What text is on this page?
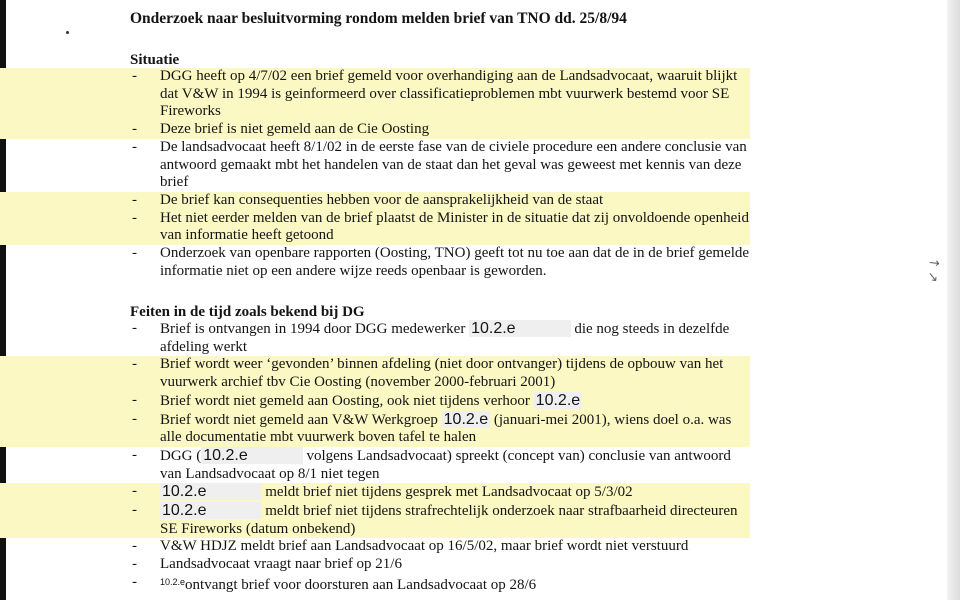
→
↘
Onderzoek naar besluitvorming rondom melden brief van TNO dd. 25/8/94
Situatie
- DGG heeft op 4/7/02 een brief gemeld voor overhandiging aan de Landsadvocaat, waaruit blijkt dat V&W in 1994 is geinformeerd over classificatieproblemen mbt vuurwerk bestemd voor SE Fireworks
- Deze brief is niet gemeld aan de Cie Oosting
- De landsadvocaat heeft 8/1/02 in de eerste fase van de civiele procedure een andere conclusie van antwoord gemaakt mbt het handelen van de staat dan het geval was geweest met kennis van deze brief
- De brief kan consequenties hebben voor de aansprakelijkheid van de staat
- Het niet eerder melden van de brief plaatst de Minister in de situatie dat zij onvoldoende openheid van informatie heeft getoond
- Onderzoek van openbare rapporten (Oosting, TNO) geeft tot nu toe aan dat de in de brief gemelde informatie niet op een andere wijze reeds openbaar is geworden.
Feiten in de tijd zoals bekend bij DG
- Brief is ontvangen in 1994 door DGG medewerker 10.2.e	die nog steeds in dezelfde afdeling werkt
- Brief wordt weer ‘gevonden’ binnen afdeling (niet door ontvanger) tijdens de opbouw van het vuurwerk archief tbv Cie Oosting (november 2000-februari 2001)
- Brief wordt niet gemeld aan Oosting, ook niet tijdens verhoor 10.2.e
- Brief wordt niet gemeld aan V&W Werkgroep 10.2.e (januari-mei 2001), wiens doel o.a. was alle documentatie mbt vuurwerk boven tafel te halen
- DGG ( 10.2.e	volgens Landsadvocaat) spreekt (concept van) conclusie van antwoord van Landsadvocaat op 8/1 niet tegen
- 10.2.e	meldt brief niet tijdens gesprek met Landsadvocaat op 5/3/02
- 10.2.e	meldt brief niet tijdens strafrechtelijk onderzoek naar strafbaarheid directeuren SE Fireworks (datum onbekend)
- V&W HDJZ meldt brief aan Landsadvocaat op 16/5/02, maar brief wordt niet verstuurd
- Landsadvocaat vraagt naar brief op 21/6
- $^{10.2.e}$ontvangt brief voor doorsturen aan Landsadvocaat op 28/6
